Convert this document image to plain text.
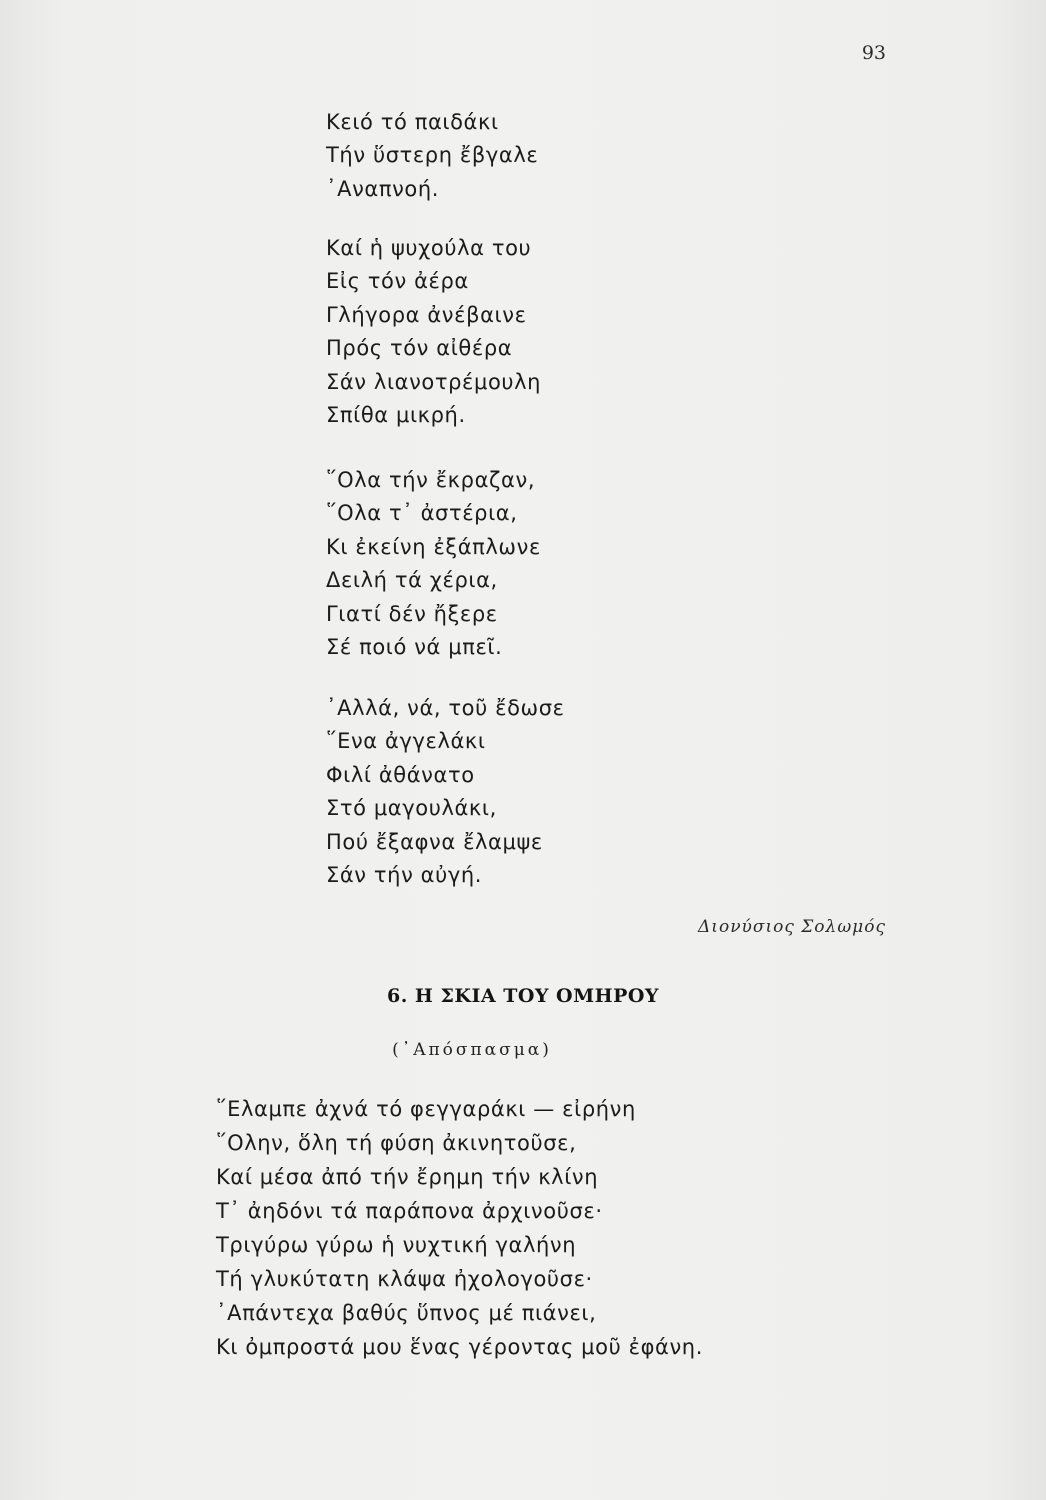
93
Κειό τό παιδάκι
Τήν ὕστερη ἔβγαλε
᾿Αναπνοή.
Καί ἡ ψυχούλα του
Εἰς τόν ἀέρα
Γλήγορα ἀνέβαινε
Πρός τόν αἰθέρα
Σάν λιανοτρέμουλη
Σπίθα μικρή.
῞Ολα τήν ἔκραζαν,
῞Ολα τ᾿ ἀστέρια,
Κι ἐκείνη ἐξάπλωνε
Δειλή τά χέρια,
Γιατί δέν ἤξερε
Σέ ποιό νά μπεῖ.
᾿Αλλά, νά, τοῦ ἔδωσε
῞Ενα ἀγγελάκι
Φιλί ἀθάνατο
Στό μαγουλάκι,
Πού ἔξαφνα ἔλαμψε
Σάν τήν αὐγή.
Διονύσιος Σολωμός
6. Η ΣΚΙΑ ΤΟΥ ΟΜΗΡΟΥ
(᾿Απόσπασμα)
῞Ελαμπε ἀχνά τό φεγγαράκι — εἰρήνη
῞Ολην, ὅλη τή φύση ἀκινητοῦσε,
Καί μέσα ἀπό τήν ἔρημη τήν κλίνη
Τ᾿ ἀηδόνι τά παράπονα ἀρχινοῦσε·
Τριγύρω γύρω ἡ νυχτική γαλήνη
Τή γλυκύτατη κλάψα ἠχολογοῦσε·
᾿Απάντεχα βαθύς ὕπνος μέ πιάνει,
Κι ὀμπροστά μου ἕνας γέροντας μοῦ ἐφάνη.
